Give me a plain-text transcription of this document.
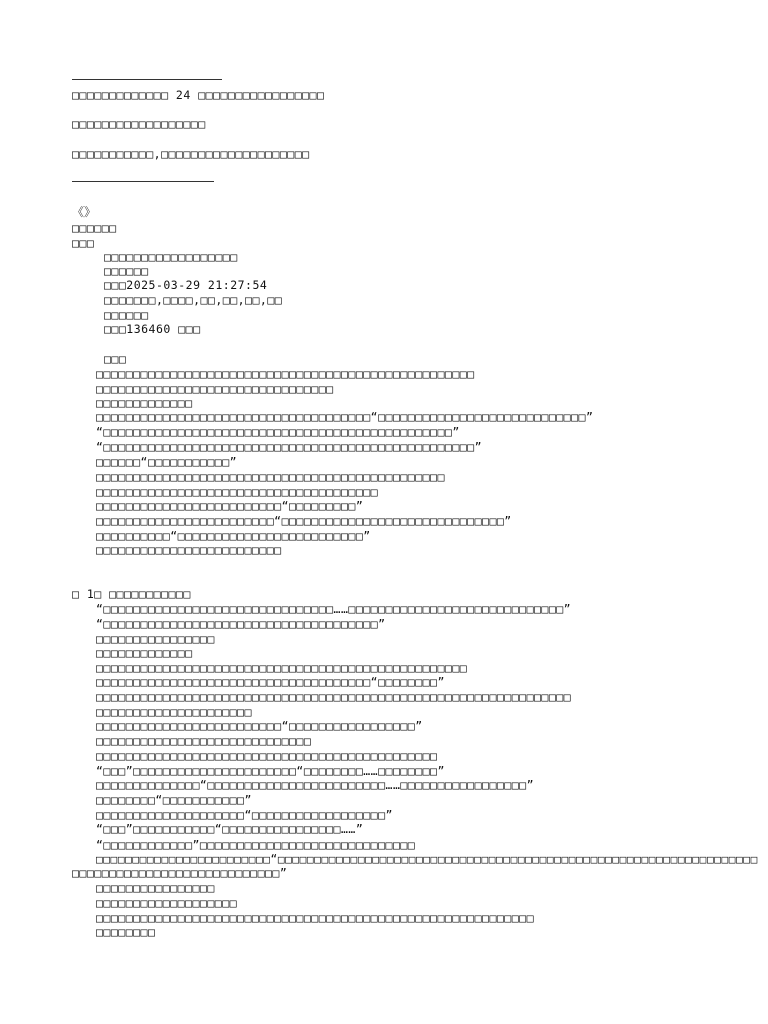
□□□□□□□□□□□□□ 24 □□□□□□□□□□□□□□□□□
□□□□□□□□□□□□□□□□□□
□□□□□□□□□□□,□□□□□□□□□□□□□□□□□□□□
《》
□□□□□□
□□□
□□□□□□□□□□□□□□□□□□
□□□□□□
□□□2025-03-29 21:27:54
□□□□□□□,□□□□,□□,□□,□□,□□
□□□□□□
□□□136460 □□□
□□□
□□□□□□□□□□□□□□□□□□□□□□□□□□□□□□□□□□□□□□□□□□□□□□□□□□□
□□□□□□□□□□□□□□□□□□□□□□□□□□□□□□□□
□□□□□□□□□□□□□
□□□□□□□□□□□□□□□□□□□□□□□□□□□□□□□□□□□□□“□□□□□□□□□□□□□□□□□□□□□□□□□□□□”
“□□□□□□□□□□□□□□□□□□□□□□□□□□□□□□□□□□□□□□□□□□□□□□□”
“□□□□□□□□□□□□□□□□□□□□□□□□□□□□□□□□□□□□□□□□□□□□□□□□□□”
□□□□□□“□□□□□□□□□□□”
□□□□□□□□□□□□□□□□□□□□□□□□□□□□□□□□□□□□□□□□□□□□□□□
□□□□□□□□□□□□□□□□□□□□□□□□□□□□□□□□□□□□□□
□□□□□□□□□□□□□□□□□□□□□□□□□“□□□□□□□□□”
□□□□□□□□□□□□□□□□□□□□□□□□“□□□□□□□□□□□□□□□□□□□□□□□□□□□□□□”
□□□□□□□□□□“□□□□□□□□□□□□□□□□□□□□□□□□□”
□□□□□□□□□□□□□□□□□□□□□□□□□
□ 1□ □□□□□□□□□□□
“□□□□□□□□□□□□□□□□□□□□□□□□□□□□□□□……□□□□□□□□□□□□□□□□□□□□□□□□□□□□□”
“□□□□□□□□□□□□□□□□□□□□□□□□□□□□□□□□□□□□□”
□□□□□□□□□□□□□□□□
□□□□□□□□□□□□□
□□□□□□□□□□□□□□□□□□□□□□□□□□□□□□□□□□□□□□□□□□□□□□□□□□
□□□□□□□□□□□□□□□□□□□□□□□□□□□□□□□□□□□□□“□□□□□□□□”
□□□□□□□□□□□□□□□□□□□□□□□□□□□□□□□□□□□□□□□□□□□□□□□□□□□□□□□□□□□□□□□□
□□□□□□□□□□□□□□□□□□□□□
□□□□□□□□□□□□□□□□□□□□□□□□□“□□□□□□□□□□□□□□□□□”
□□□□□□□□□□□□□□□□□□□□□□□□□□□□□
□□□□□□□□□□□□□□□□□□□□□□□□□□□□□□□□□□□□□□□□□□□□□□
“□□□”□□□□□□□□□□□□□□□□□□□□□□“□□□□□□□□……□□□□□□□□”
□□□□□□□□□□□□□□“□□□□□□□□□□□□□□□□□□□□□□□□……□□□□□□□□□□□□□□□□□”
□□□□□□□□“□□□□□□□□□□□”
□□□□□□□□□□□□□□□□□□□□“□□□□□□□□□□□□□□□□□□”
“□□□”□□□□□□□□□□□“□□□□□□□□□□□□□□□□……”
“□□□□□□□□□□□□”□□□□□□□□□□□□□□□□□□□□□□□□□□□□□
□□□□□□□□□□□□□□□□□□□□□□□□“□□□□□□□□□□□□□□□□□□□□□□□□□□□□□□□□□□□□□□□□□□□□□□□□□□□□□□□□□□□□□□□□□□
□□□□□□□□□□□□□□□□□□□□□□□□□□□□”
□□□□□□□□□□□□□□□□
□□□□□□□□□□□□□□□□□□□
□□□□□□□□□□□□□□□□□□□□□□□□□□□□□□□□□□□□□□□□□□□□□□□□□□□□□□□□□□□
□□□□□□□□
